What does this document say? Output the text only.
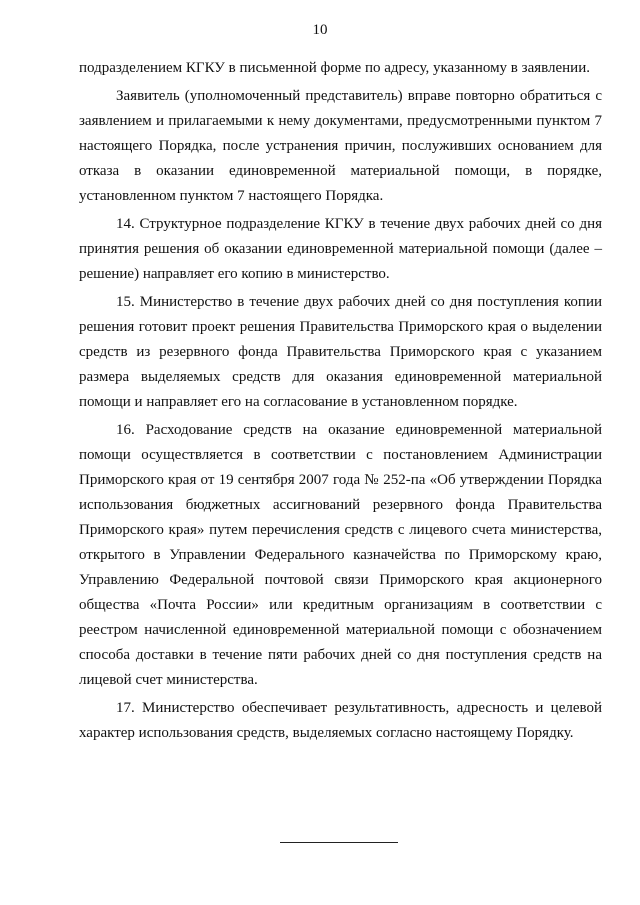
10

подразделением КГКУ в письменной форме по адресу, указанному в заявлении.

Заявитель (уполномоченный представитель) вправе повторно обратиться с заявлением и прилагаемыми к нему документами, предусмотренными пунктом 7 настоящего Порядка, после устранения причин, послуживших основанием для отказа в оказании единовременной материальной помощи, в порядке, установленном пунктом 7 настоящего Порядка.

14. Структурное подразделение КГКУ в течение двух рабочих дней со дня принятия решения об оказании единовременной материальной помощи (далее – решение) направляет его копию в министерство.

15. Министерство в течение двух рабочих дней со дня поступления копии решения готовит проект решения Правительства Приморского края о выделении средств из резервного фонда Правительства Приморского края с указанием размера выделяемых средств для оказания единовременной материальной помощи и направляет его на согласование в установленном порядке.

16. Расходование средств на оказание единовременной материальной помощи осуществляется в соответствии с постановлением Администрации Приморского края от 19 сентября 2007 года № 252-па «Об утверждении Порядка использования бюджетных ассигнований резервного фонда Правительства Приморского края» путем перечисления средств с лицевого счета министерства, открытого в Управлении Федерального казначейства по Приморскому краю, Управлению Федеральной почтовой связи Приморского края акционерного общества «Почта России» или кредитным организациям в соответствии с реестром начисленной единовременной материальной помощи с обозначением способа доставки в течение пяти рабочих дней со дня поступления средств на лицевой счет министерства.

17. Министерство обеспечивает результативность, адресность и целевой характер использования средств, выделяемых согласно настоящему Порядку.
